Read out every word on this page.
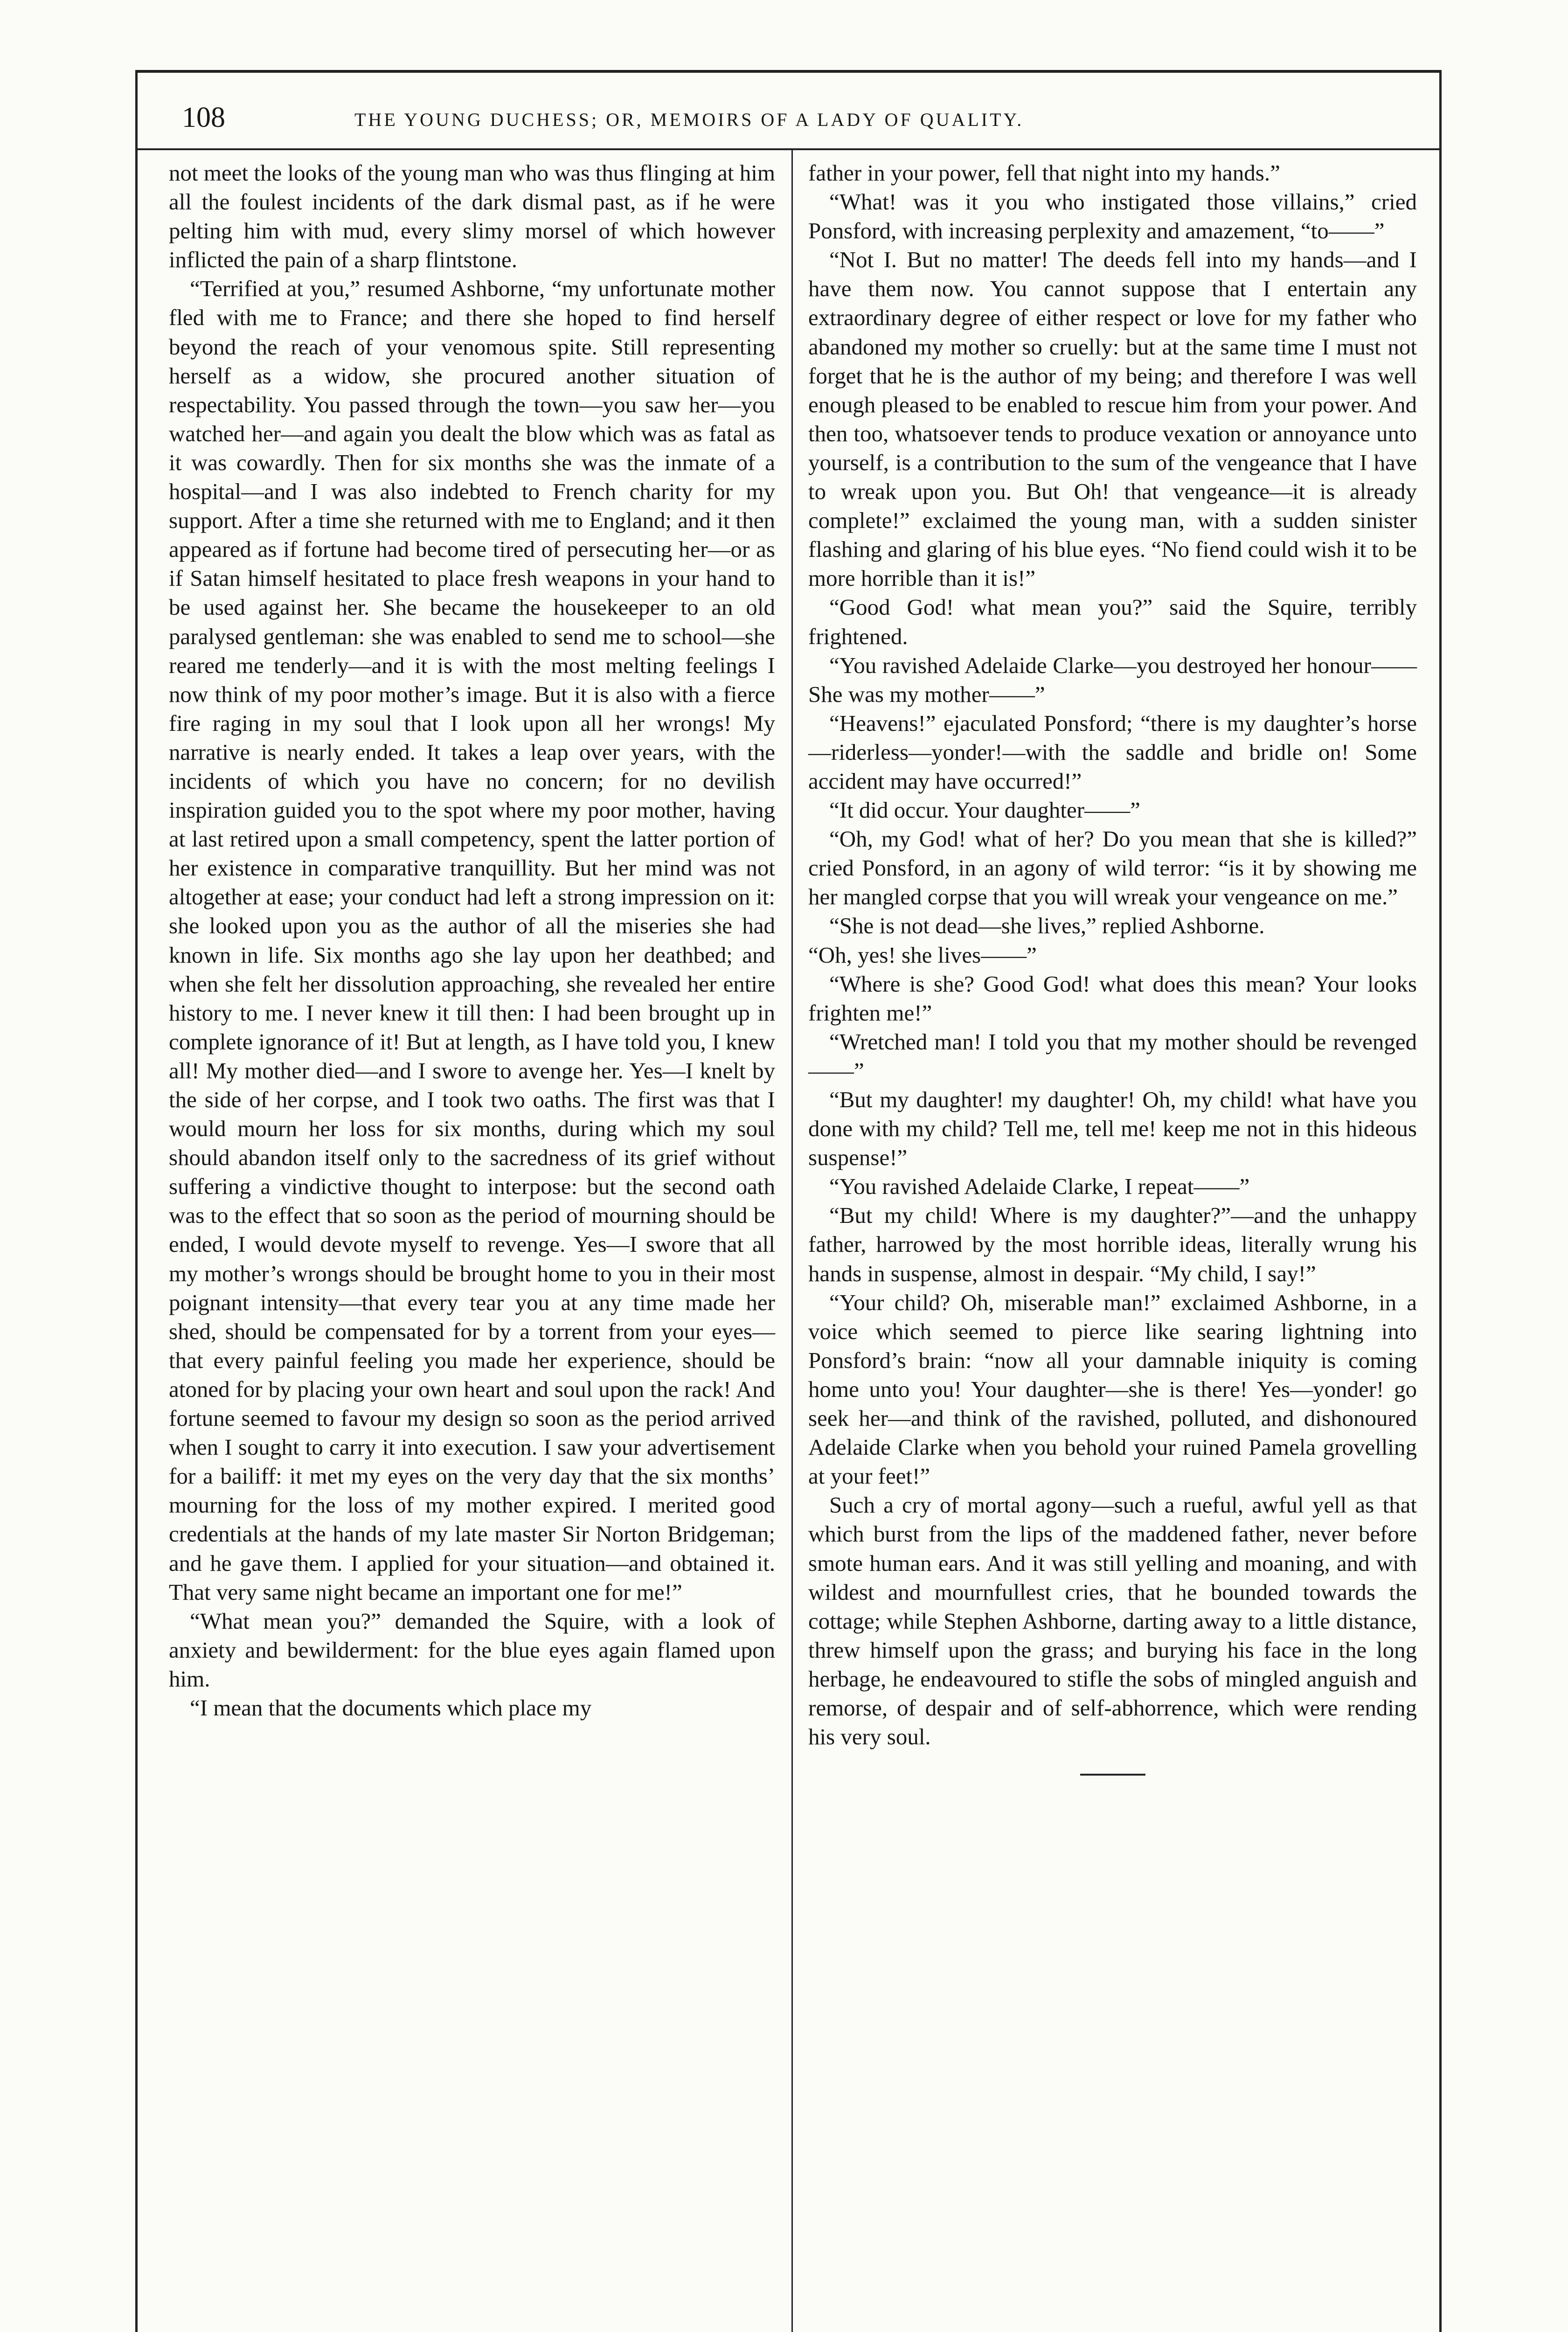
108	THE YOUNG DUCHESS; OR, MEMOIRS OF A LADY OF QUALITY.

not meet the looks of the young man who was thus flinging at him all the foulest incidents of the dark dismal past, as if he were pelting him with mud, every slimy morsel of which however inflicted the pain of a sharp flintstone.

“Terrified at you,” resumed Ashborne, “my unfortunate mother fled with me to France; and there she hoped to find herself beyond the reach of your venomous spite. Still representing herself as a widow, she procured another situation of respectability. You passed through the town—you saw her—you watched her—and again you dealt the blow which was as fatal as it was cowardly. Then for six months she was the inmate of a hospital—and I was also indebted to French charity for my support. After a time she returned with me to England; and it then appeared as if fortune had become tired of persecuting her—or as if Satan himself hesitated to place fresh weapons in your hand to be used against her. She became the housekeeper to an old paralysed gentleman: she was enabled to send me to school—she reared me tenderly—and it is with the most melting feelings I now think of my poor mother’s image. But it is also with a fierce fire raging in my soul that I look upon all her wrongs! My narrative is nearly ended. It takes a leap over years, with the incidents of which you have no concern; for no devilish inspiration guided you to the spot where my poor mother, having at last retired upon a small competency, spent the latter portion of her existence in comparative tranquillity. But her mind was not altogether at ease; your conduct had left a strong impression on it: she looked upon you as the author of all the miseries she had known in life. Six months ago she lay upon her deathbed; and when she felt her dissolution approaching, she revealed her entire history to me. I never knew it till then: I had been brought up in complete ignorance of it! But at length, as I have told you, I knew all! My mother died—and I swore to avenge her. Yes—I knelt by the side of her corpse, and I took two oaths. The first was that I would mourn her loss for six months, during which my soul should abandon itself only to the sacredness of its grief without suffering a vindictive thought to interpose: but the second oath was to the effect that so soon as the period of mourning should be ended, I would devote myself to revenge. Yes—I swore that all my mother’s wrongs should be brought home to you in their most poignant intensity—that every tear you at any time made her shed, should be compensated for by a torrent from your eyes—that every painful feeling you made her experience, should be atoned for by placing your own heart and soul upon the rack! And fortune seemed to favour my design so soon as the period arrived when I sought to carry it into execution. I saw your advertisement for a bailiff: it met my eyes on the very day that the six months’ mourning for the loss of my mother expired. I merited good credentials at the hands of my late master Sir Norton Bridgeman; and he gave them. I applied for your situation—and obtained it. That very same night became an important one for me!”

“What mean you?” demanded the Squire, with a look of anxiety and bewilderment: for the blue eyes again flamed upon him.

“I mean that the documents which place my

father in your power, fell that night into my hands.”

“What! was it you who instigated those villains,” cried Ponsford, with increasing perplexity and amazement, “to——”

“Not I. But no matter! The deeds fell into my hands—and I have them now. You cannot suppose that I entertain any extraordinary degree of either respect or love for my father who abandoned my mother so cruelly: but at the same time I must not forget that he is the author of my being; and therefore I was well enough pleased to be enabled to rescue him from your power. And then too, whatsoever tends to produce vexation or annoyance unto yourself, is a contribution to the sum of the vengeance that I have to wreak upon you. But Oh! that vengeance—it is already complete!” exclaimed the young man, with a sudden sinister flashing and glaring of his blue eyes. “No fiend could wish it to be more horrible than it is!”

“Good God! what mean you?” said the Squire, terribly frightened.

“You ravished Adelaide Clarke—you destroyed her honour——She was my mother——”

“Heavens!” ejaculated Ponsford; “there is my daughter’s horse—riderless—yonder!—with the saddle and bridle on! Some accident may have occurred!”

“It did occur. Your daughter——”

“Oh, my God! what of her? Do you mean that she is killed?” cried Ponsford, in an agony of wild terror: “is it by showing me her mangled corpse that you will wreak your vengeance on me.”

“She is not dead—she lives,” replied Ashborne.

“Oh, yes! she lives——”

“Where is she? Good God! what does this mean? Your looks frighten me!”

“Wretched man! I told you that my mother should be revenged——”

“But my daughter! my daughter! Oh, my child! what have you done with my child? Tell me, tell me! keep me not in this hideous suspense!”

“You ravished Adelaide Clarke, I repeat——”

“But my child! Where is my daughter?”—and the unhappy father, harrowed by the most horrible ideas, literally wrung his hands in suspense, almost in despair. “My child, I say!”

“Your child? Oh, miserable man!” exclaimed Ashborne, in a voice which seemed to pierce like searing lightning into Ponsford’s brain: “now all your damnable iniquity is coming home unto you! Your daughter—she is there! Yes—yonder! go seek her—and think of the ravished, polluted, and dishonoured Adelaide Clarke when you behold your ruined Pamela grovelling at your feet!”

Such a cry of mortal agony—such a rueful, awful yell as that which burst from the lips of the maddened father, never before smote human ears. And it was still yelling and moaning, and with wildest and mournfullest cries, that he bounded towards the cottage; while Stephen Ashborne, darting away to a little distance, threw himself upon the grass; and burying his face in the long herbage, he endeavoured to stifle the sobs of mingled anguish and remorse, of despair and of self-abhorrence, which were rending his very soul.
